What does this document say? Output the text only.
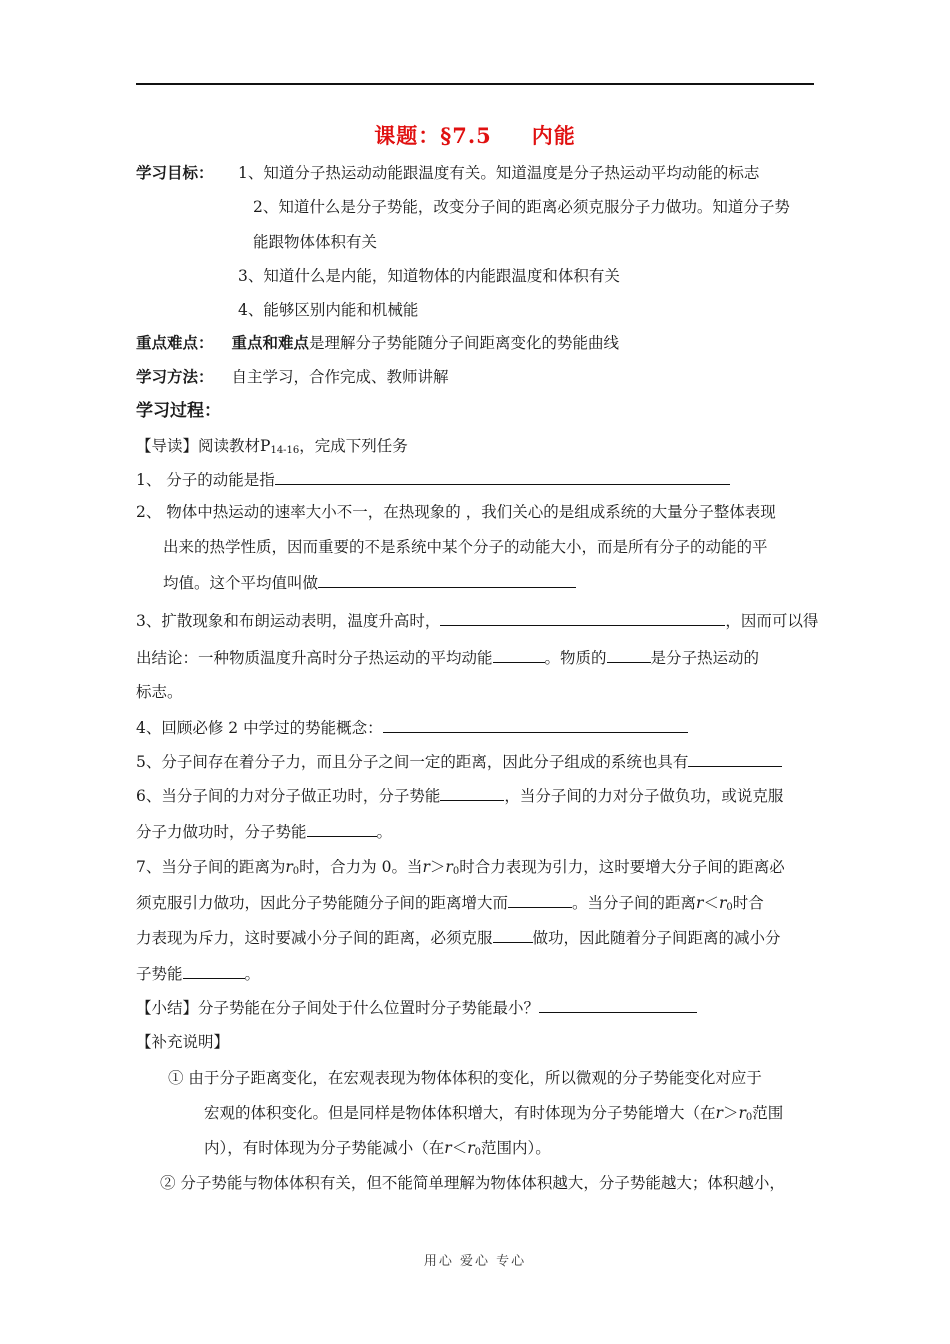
课题：§7.5 内能
学习目标： 1、知道分子热运动动能跟温度有关。知道温度是分子热运动平均动能的标志
2、知道什么是分子势能，改变分子间的距离必须克服分子力做功。知道分子势
能跟物体体积有关
3、知道什么是内能，知道物体的内能跟温度和体积有关
4、能够区别内能和机械能
重点难点： 重点和难点是理解分子势能随分子间距离变化的势能曲线
学习方法： 自主学习，合作完成、教师讲解
学习过程：
【导读】阅读教材$P_{14-16}$，完成下列任务
1、 分子的动能是指
2、 物体中热运动的速率大小不一，在热现象的 ，我们关心的是组成系统的大量分子整体表现
出来的热学性质，因而重要的不是系统中某个分子的动能大小，而是所有分子的动能的平
均值。这个平均值叫做
3、扩散现象和布朗运动表明，温度升高时，	，因而可以得
出结论：一种物质温度升高时分子热运动的平均动能	。物质的	是分子热运动的
标志。
4、回顾必修 2 中学过的势能概念：
5、分子间存在着分子力，而且分子之间一定的距离，因此分子组成的系统也具有
6、当分子间的力对分子做正功时，分子势能	，当分子间的力对分子做负功，或说克服
分子力做功时，分子势能	。
7、当分子间的距离为$r_0$时，合力为 0。当$r>r_0$时合力表现为引力，这时要增大分子间的距离必
须克服引力做功，因此分子势能随分子间的距离增大而	。当分子间的距离$r<r_0$时合
力表现为斥力，这时要减小分子间的距离，必须克服	做功，因此随着分子间距离的减小分
子势能	。
【小结】分子势能在分子间处于什么位置时分子势能最小？
【补充说明】
① 由于分子距离变化，在宏观表现为物体体积的变化，所以微观的分子势能变化对应于
宏观的体积变化。但是同样是物体体积增大，有时体现为分子势能增大（在$r>r_0$范围
内），有时体现为分子势能减小（在$r<r_0$范围内）。
② 分子势能与物体体积有关，但不能简单理解为物体体积越大，分子势能越大；体积越小，
用心 爱心 专心
